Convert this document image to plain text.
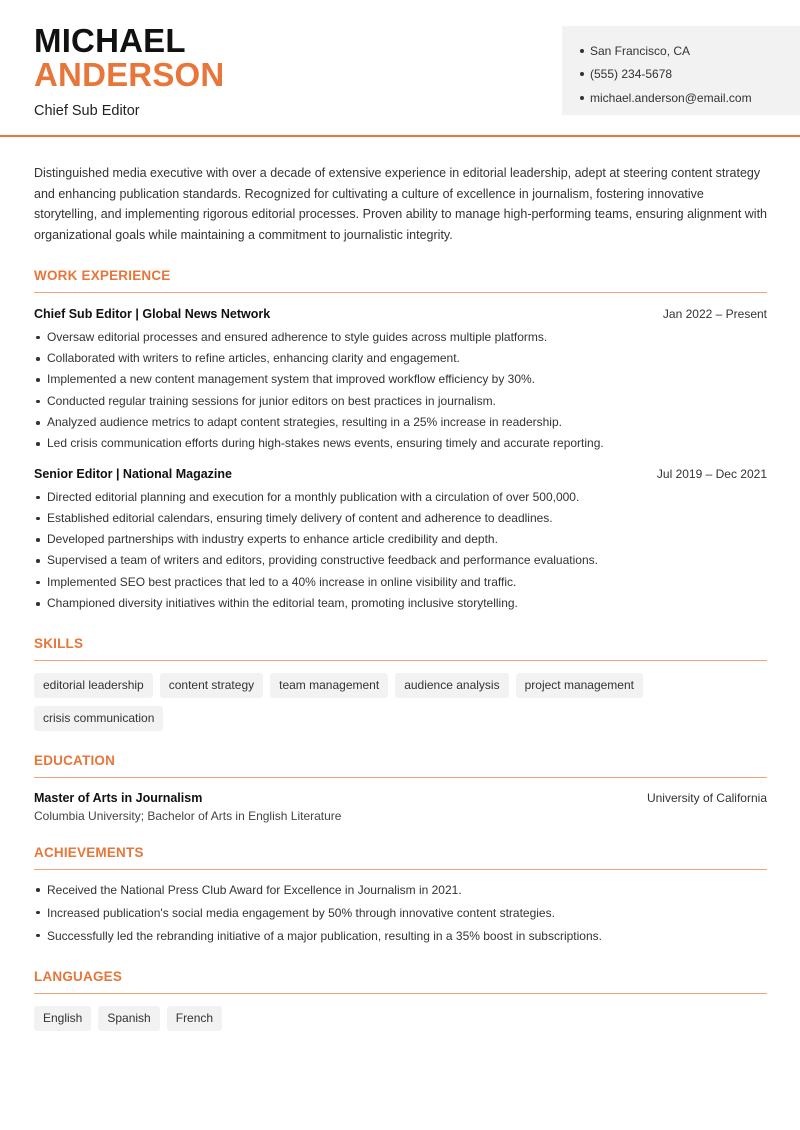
MICHAEL
ANDERSON
Chief Sub Editor
San Francisco, CA
(555) 234-5678
michael.anderson@email.com

Distinguished media executive with over a decade of extensive experience in editorial leadership, adept at steering content strategy and enhancing publication standards. Recognized for cultivating a culture of excellence in journalism, fostering innovative storytelling, and implementing rigorous editorial processes. Proven ability to manage high-performing teams, ensuring alignment with organizational goals while maintaining a commitment to journalistic integrity.

WORK EXPERIENCE
Chief Sub Editor | Global News Network	Jan 2022 – Present
Oversaw editorial processes and ensured adherence to style guides across multiple platforms.
Collaborated with writers to refine articles, enhancing clarity and engagement.
Implemented a new content management system that improved workflow efficiency by 30%.
Conducted regular training sessions for junior editors on best practices in journalism.
Analyzed audience metrics to adapt content strategies, resulting in a 25% increase in readership.
Led crisis communication efforts during high-stakes news events, ensuring timely and accurate reporting.
Senior Editor | National Magazine	Jul 2019 – Dec 2021
Directed editorial planning and execution for a monthly publication with a circulation of over 500,000.
Established editorial calendars, ensuring timely delivery of content and adherence to deadlines.
Developed partnerships with industry experts to enhance article credibility and depth.
Supervised a team of writers and editors, providing constructive feedback and performance evaluations.
Implemented SEO best practices that led to a 40% increase in online visibility and traffic.
Championed diversity initiatives within the editorial team, promoting inclusive storytelling.
SKILLS
editorial leadership	content strategy	team management	audience analysis	project management
crisis communication
EDUCATION
Master of Arts in Journalism	University of California
Columbia University; Bachelor of Arts in English Literature
ACHIEVEMENTS
Received the National Press Club Award for Excellence in Journalism in 2021.
Increased publication's social media engagement by 50% through innovative content strategies.
Successfully led the rebranding initiative of a major publication, resulting in a 35% boost in subscriptions.
LANGUAGES
English	Spanish	French
